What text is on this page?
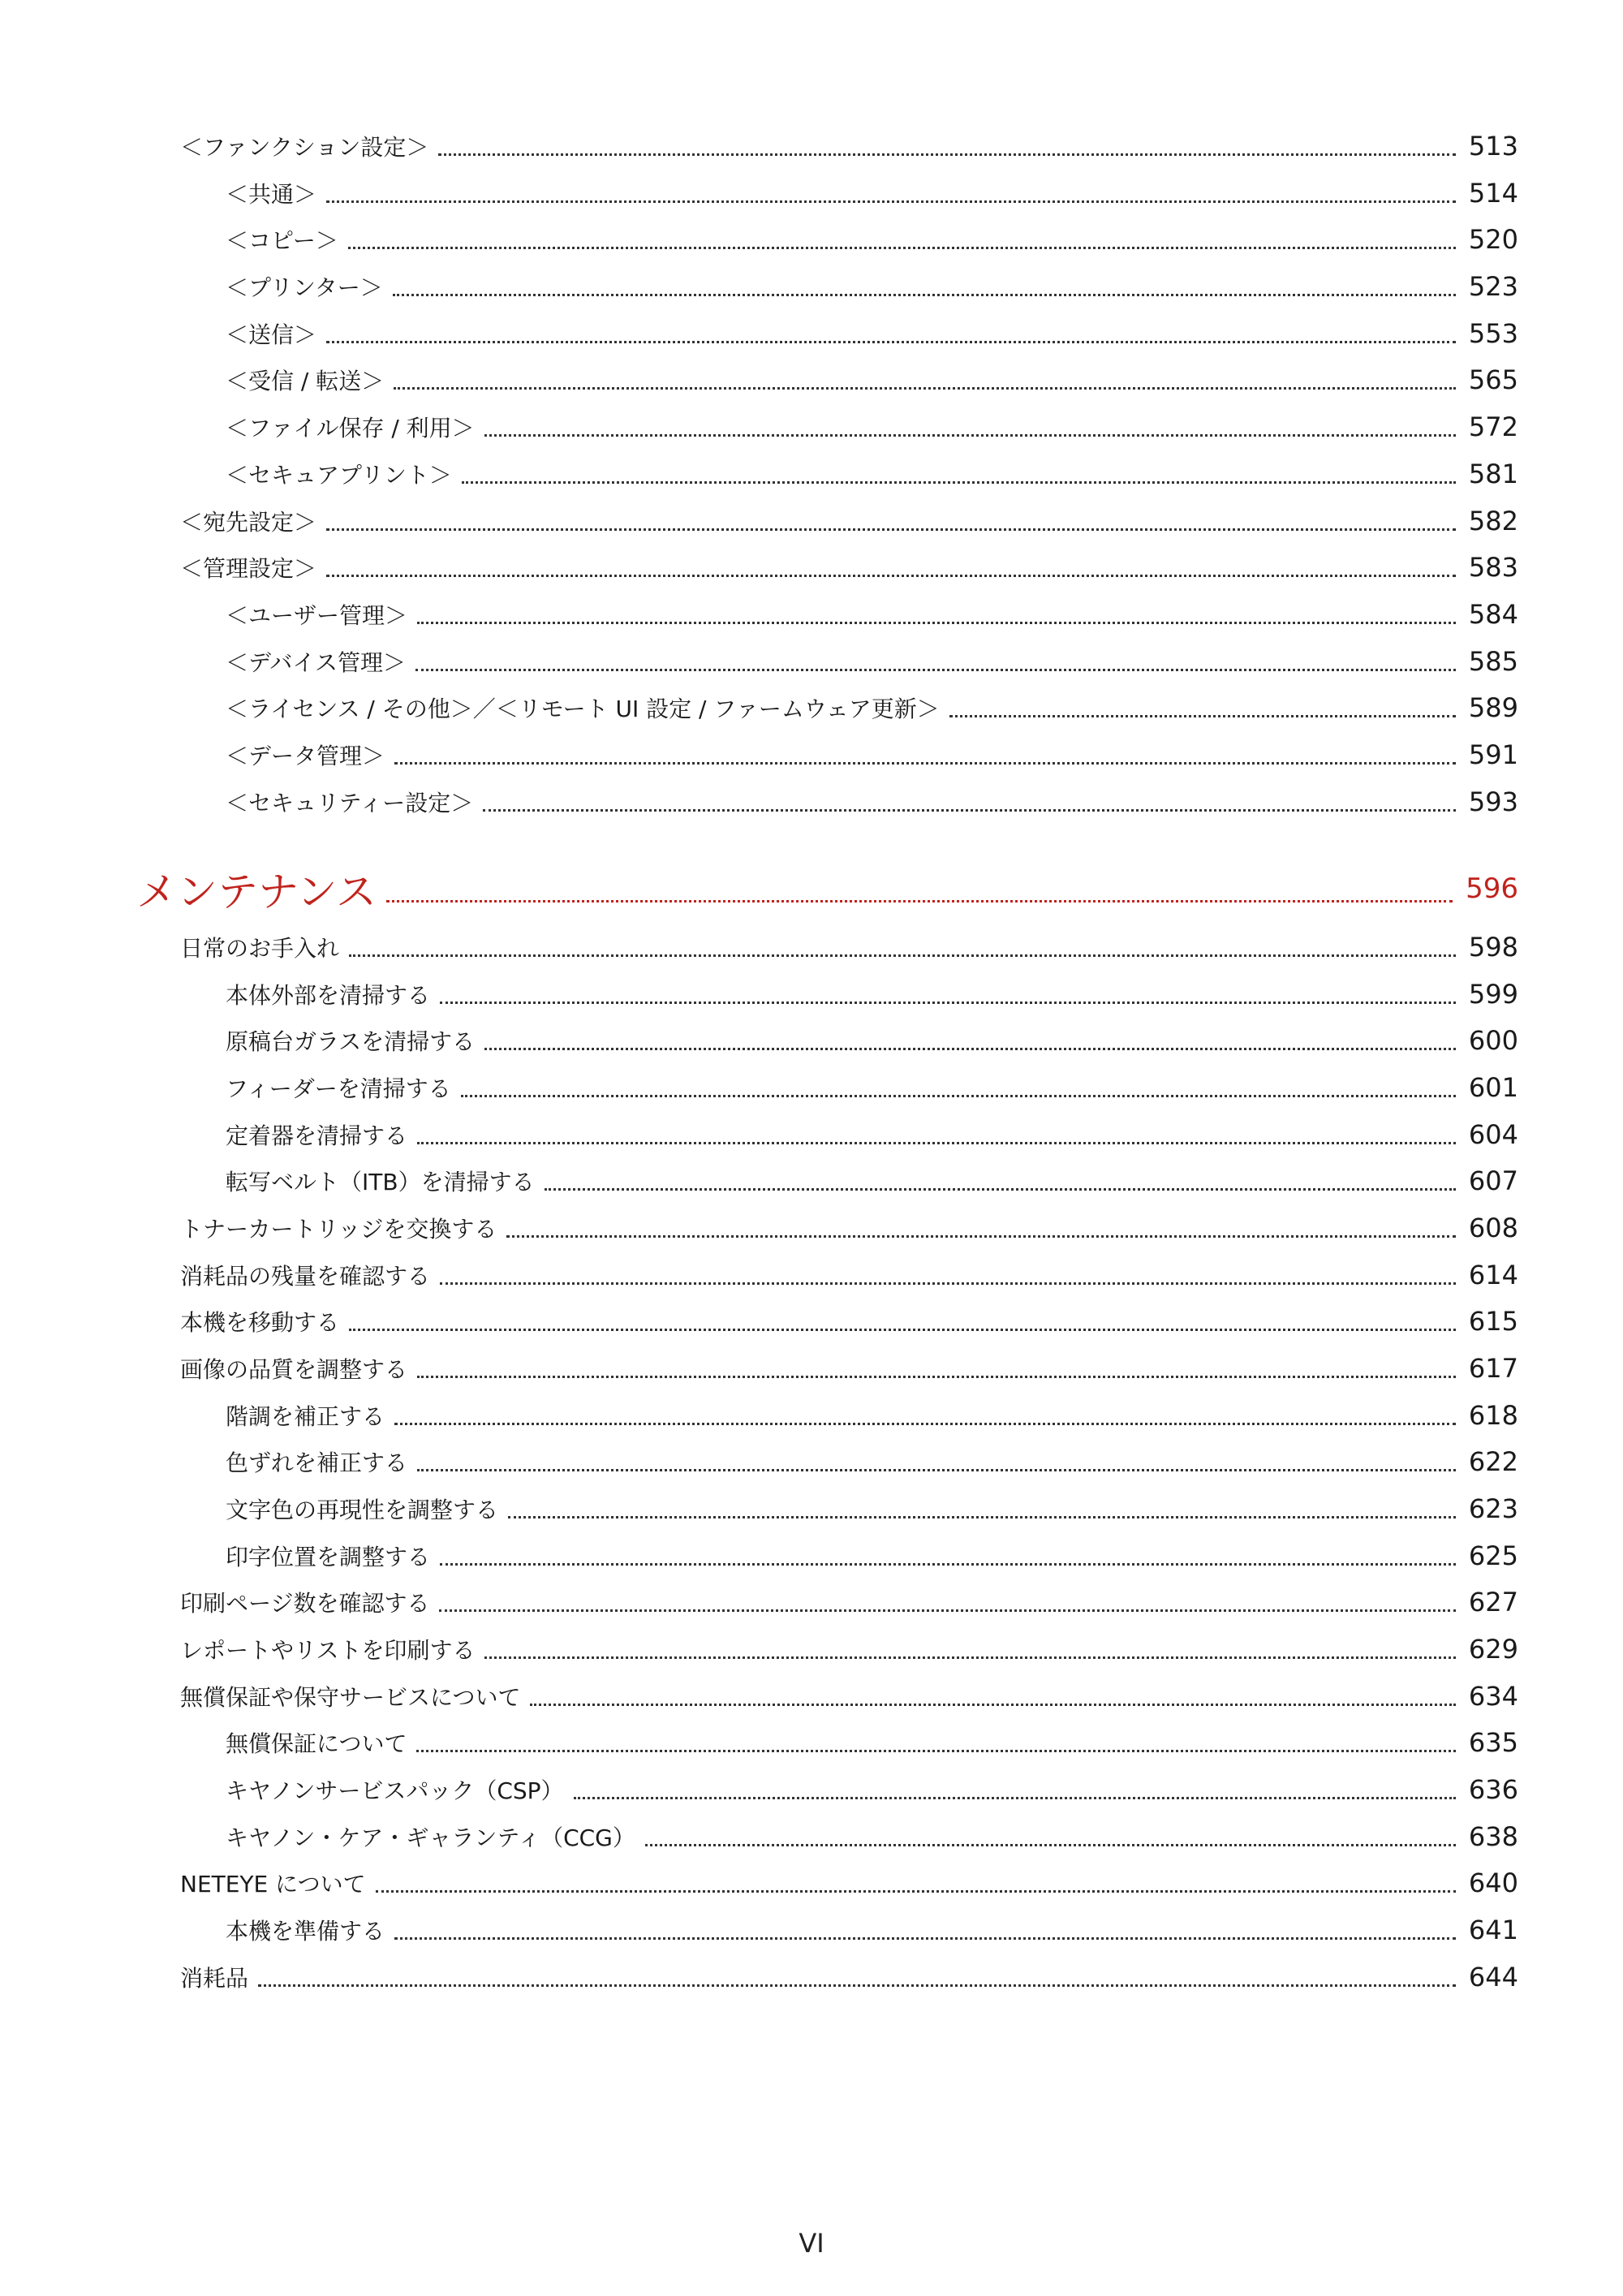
＜ファンクション設定＞	513
＜共通＞	514
＜コピー＞	520
＜プリンター＞	523
＜送信＞	553
＜受信 / 転送＞	565
＜ファイル保存 / 利用＞	572
＜セキュアプリント＞	581
＜宛先設定＞	582
＜管理設定＞	583
＜ユーザー管理＞	584
＜デバイス管理＞	585
＜ライセンス / その他＞／＜リモート UI 設定 / ファームウェア更新＞	589
＜データ管理＞	591
＜セキュリティー設定＞	593
メンテナンス	596
日常のお手入れ	598
本体外部を清掃する	599
原稿台ガラスを清掃する	600
フィーダーを清掃する	601
定着器を清掃する	604
転写ベルト（ITB）を清掃する	607
トナーカートリッジを交換する	608
消耗品の残量を確認する	614
本機を移動する	615
画像の品質を調整する	617
階調を補正する	618
色ずれを補正する	622
文字色の再現性を調整する	623
印字位置を調整する	625
印刷ページ数を確認する	627
レポートやリストを印刷する	629
無償保証や保守サービスについて	634
無償保証について	635
キヤノンサービスパック（CSP）	636
キヤノン・ケア・ギャランティ（CCG）	638
NETEYE について	640
本機を準備する	641
消耗品	644
VI
